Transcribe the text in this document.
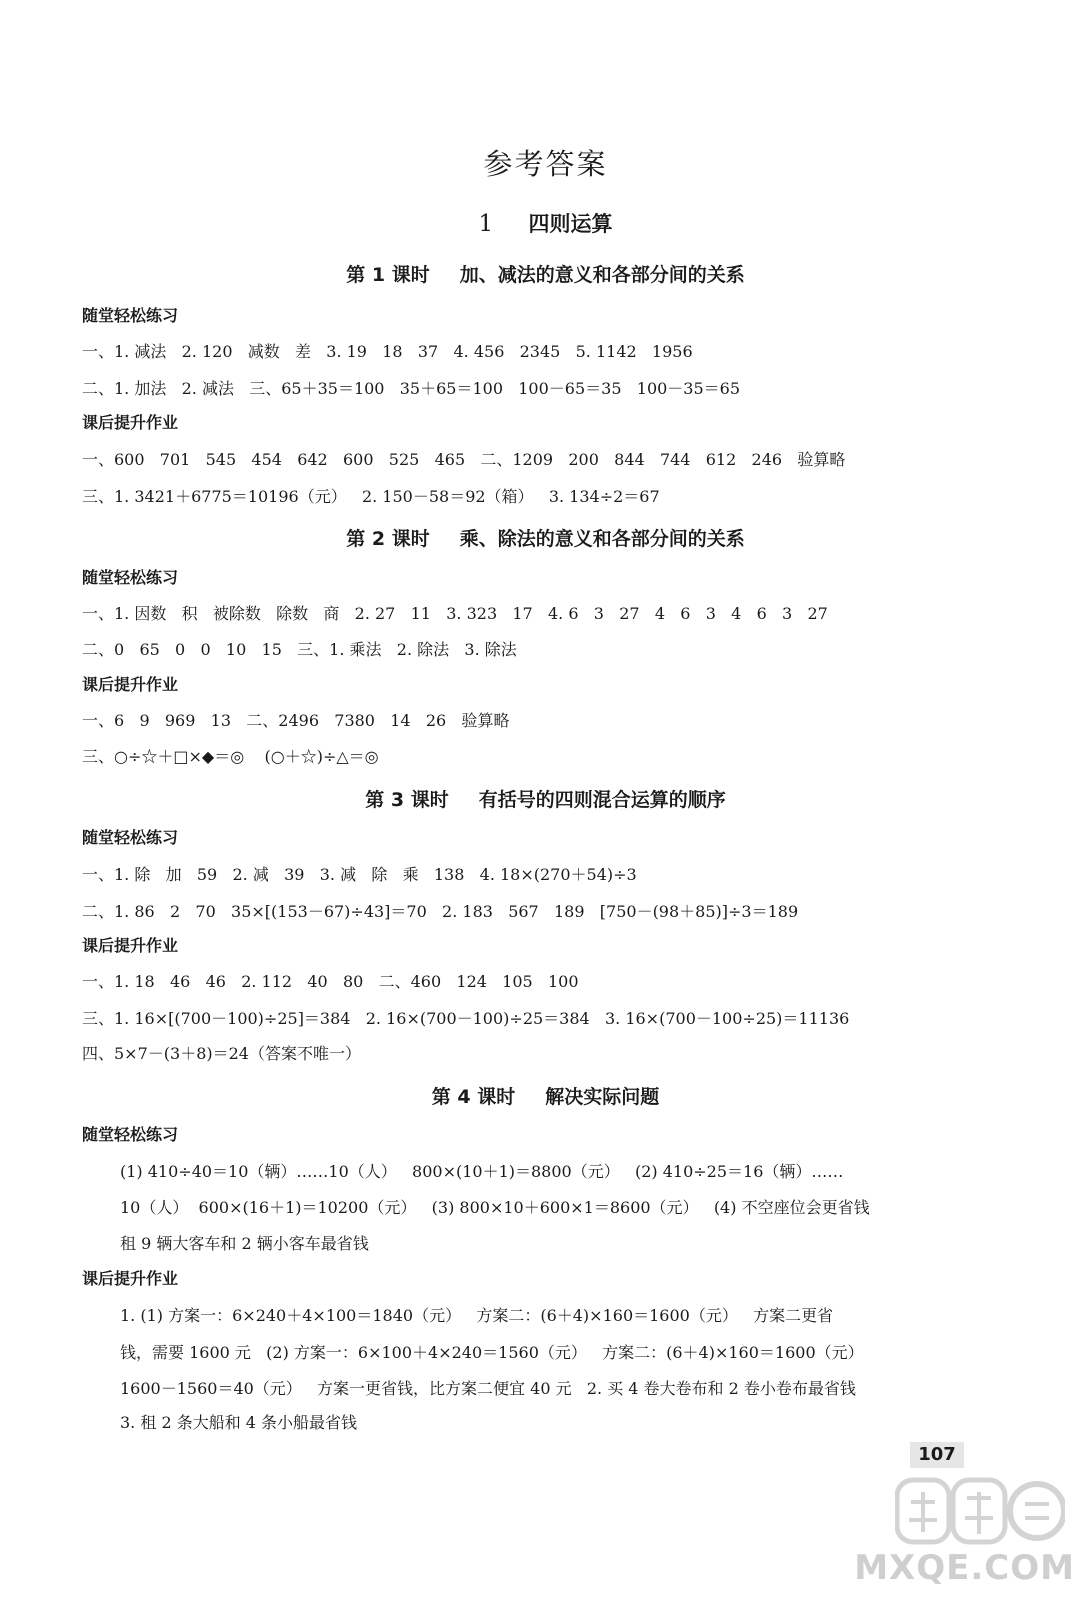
参考答案
1 四则运算
第 1 课时 加、减法的意义和各部分间的关系
随堂轻松练习
一、1. 减法   2. 120   减数   差   3. 19   18   37   4. 456   2345   5. 1142   1956
二、1. 加法   2. 减法   三、65＋35＝100   35＋65＝100   100－65＝35   100－35＝65
课后提升作业
一、600   701   545   454   642   600   525   465   二、1209   200   844   744   612   246   验算略
三、1. 3421＋6775＝10196（元）   2. 150－58＝92（箱）   3. 134÷2＝67
第 2 课时 乘、除法的意义和各部分间的关系
随堂轻松练习
一、1. 因数   积   被除数   除数   商   2. 27   11   3. 323   17   4. 6   3   27   4   6   3   4   6   3   27
二、0   65   0   0   10   15   三、1. 乘法   2. 除法   3. 除法
课后提升作业
一、6   9   969   13   二、2496   7380   14   26   验算略
三、○÷☆＋□×◆＝◎    (○＋☆)÷△＝◎
第 3 课时 有括号的四则混合运算的顺序
随堂轻松练习
一、1. 除   加   59   2. 减   39   3. 减   除   乘   138   4. 18×(270＋54)÷3
二、1. 86   2   70   35×[(153－67)÷43]＝70   2. 183   567   189   [750－(98＋85)]÷3＝189
课后提升作业
一、1. 18   46   46   2. 112   40   80   二、460   124   105   100
三、1. 16×[(700－100)÷25]＝384   2. 16×(700－100)÷25＝384   3. 16×(700－100÷25)＝11136
四、5×7－(3＋8)＝24（答案不唯一）
第 4 课时 解决实际问题
随堂轻松练习
(1) 410÷40＝10（辆）……10（人）   800×(10＋1)＝8800（元）   (2) 410÷25＝16（辆）……
10（人）  600×(16＋1)＝10200（元）   (3) 800×10＋600×1＝8600（元）   (4) 不空座位会更省钱
租 9 辆大客车和 2 辆小客车最省钱
课后提升作业
1. (1) 方案一：6×240＋4×100＝1840（元）   方案二：(6＋4)×160＝1600（元）   方案二更省
钱，需要 1600 元   (2) 方案一：6×100＋4×240＝1560（元）   方案二：(6＋4)×160＝1600（元）
1600－1560＝40（元）   方案一更省钱，比方案二便宜 40 元   2. 买 4 卷大卷布和 2 卷小卷布最省钱
3. 租 2 条大船和 4 条小船最省钱
107
MXQE.COM
